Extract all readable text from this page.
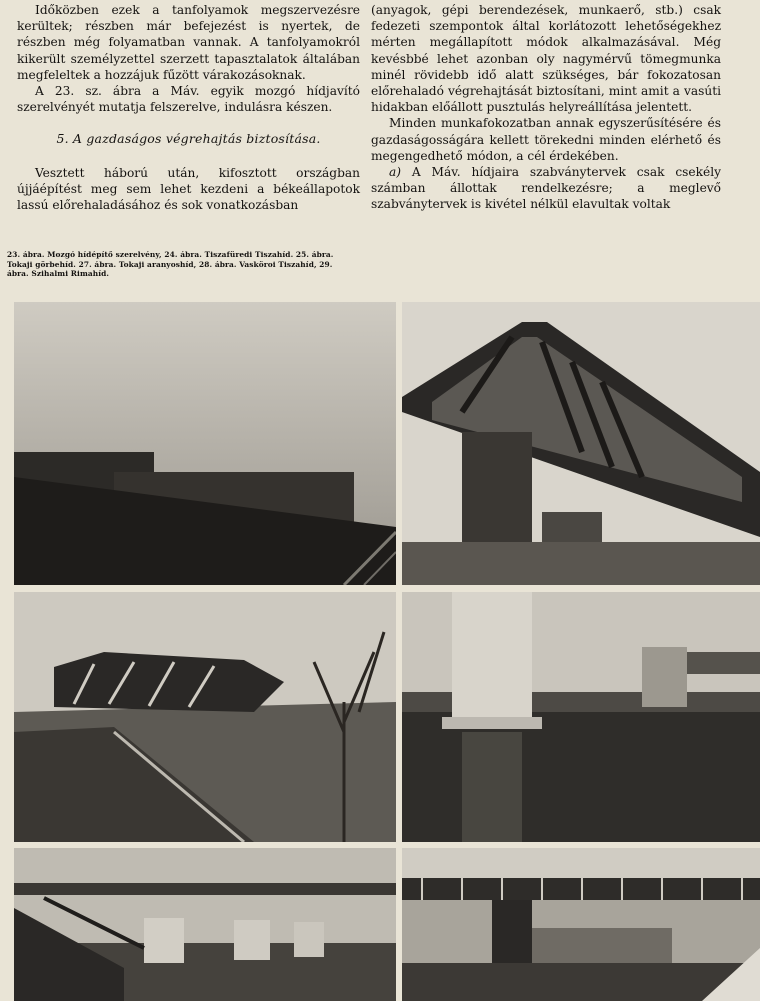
Időközben ezek a tanfolyamok megszervezésre kerültek; részben már befejezést is nyertek, de részben még folyamatban vannak. A tanfolyamokról kikerült személyzettel szerzett tapasztalatok általában megfeleltek a hozzájuk fűzött várakozásoknak.

A 23. sz. ábra a Máv. egyik mozgó hídjavító szerelvényét mutatja felszerelve, indulásra készen.

5. A gazdaságos végrehajtás biztosítása.

Vesztett háború után, kifosztott országban újjáépítést meg sem lehet kezdeni a békeállapotok lassú előrehaladásához és sok vonatkozásban

(anyagok, gépi berendezések, munkaerő, stb.) csak fedezeti szempontok által korlátozott lehetőségekhez mérten megállapított módok alkalmazásával. Még kevésbbé lehet azonban oly nagymérvű tömegmunka minél rövidebb idő alatt szükséges, bár fokozatosan előrehaladó végrehajtását biztosítani, mint amit a vasúti hidakban előállott pusztulás helyreállítása jelentett.

Minden munkafokozatban annak egyszerűsítésére és gazdaságosságára kellett törekedni minden elérhető és megengedhető módon, a cél érdekében.

a) A Máv. hídjaira szabványtervek csak csekély számban állottak rendelkezésre; a meglevő szabványtervek is kivétel nélkül elavultak voltak

23. ábra. Mozgó hídépítő szerelvény, 24. ábra. Tiszafüredi Tiszahíd. 25. ábra. Tokaji görbehíd. 27. ábra. Tokaji aranyoshíd, 28. ábra. Vasköroi Tiszahíd, 29. ábra. Szihalmi Rimahíd.
